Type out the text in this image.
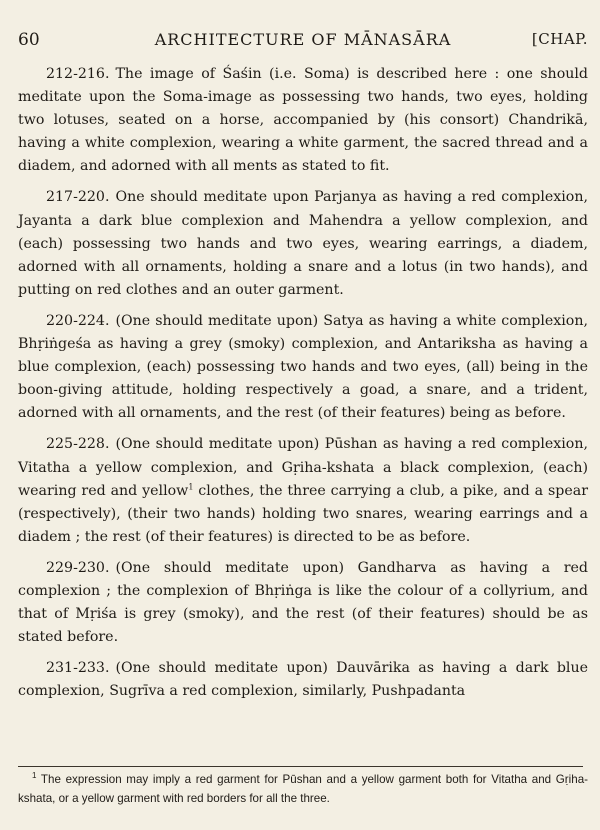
60	ARCHITECTURE OF MĀNASĀRA	[CHAP.

212-216. The image of Śaśin (i.e. Soma) is described here : one should meditate upon the Soma-image as possessing two hands, two eyes, holding two lotuses, seated on a horse, accompanied by (his consort) Chandrikā, having a white complexion, wearing a white garment, the sacred thread and a diadem, and adorned with all ments as stated to fit.

217-220. One should meditate upon Parjanya as having a red complexion, Jayanta a dark blue complexion and Mahendra a yellow complexion, and (each) possessing two hands and two eyes, wearing earrings, a diadem, adorned with all ornaments, holding a snare and a lotus (in two hands), and putting on red clothes and an outer garment.

220-224. (One should meditate upon) Satya as having a white complexion, Bhṛiṅgeśa as having a grey (smoky) complexion, and Antariksha as having a blue complexion, (each) possessing two hands and two eyes, (all) being in the boon-giving attitude, holding respectively a goad, a snare, and a trident, adorned with all ornaments, and the rest (of their features) being as before.

225-228. (One should meditate upon) Pūshan as having a red complexion, Vitatha a yellow complexion, and Gṛiha-kshata a black complexion, (each) wearing red and yellow$^1$ clothes, the three carrying a club, a pike, and a spear (respectively), (their two hands) holding two snares, wearing earrings and a diadem ; the rest (of their features) is directed to be as before.

229-230. (One should meditate upon) Gandharva as having a red complexion ; the complexion of Bhṛiṅga is like the colour of a collyrium, and that of Mṛiśa is grey (smoky), and the rest (of their features) should be as stated before.

231-233. (One should meditate upon) Dauvārika as having a dark blue complexion, Sugrīva a red complexion, similarly, Pushpadanta

$^1$ The expression may imply a red garment for Pūshan and a yellow garment both for Vitatha and Gṛiha-kshata, or a yellow garment with red borders for all the three.
